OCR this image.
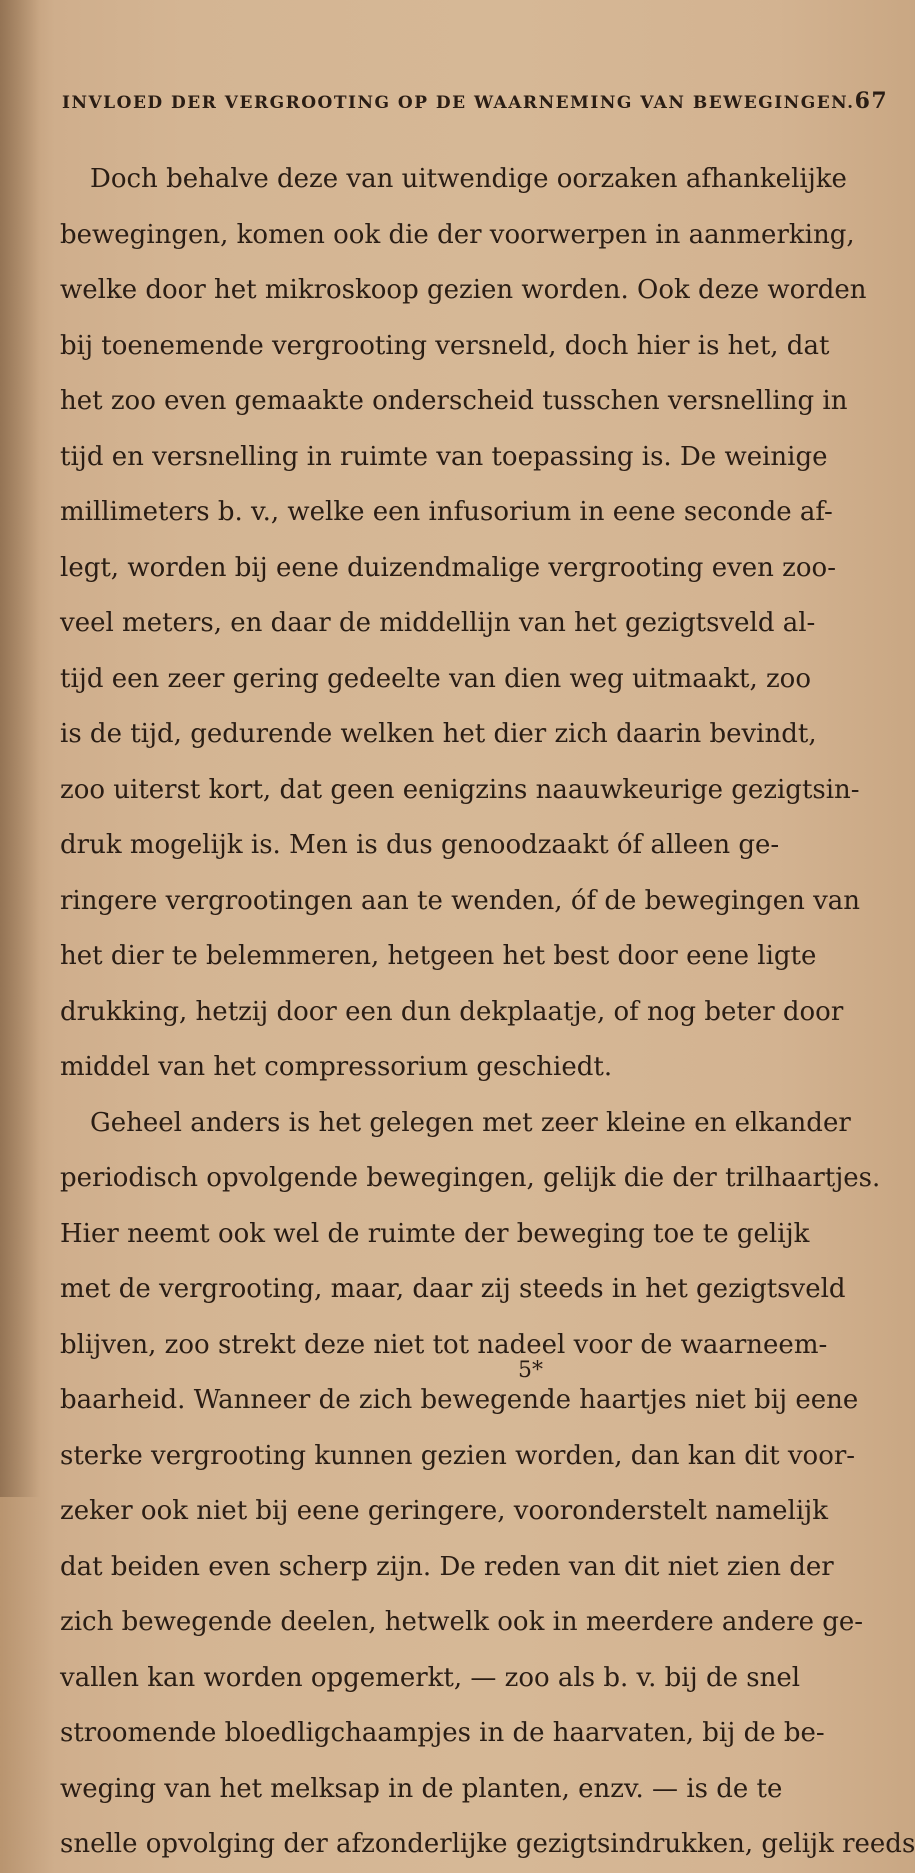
INVLOED DER VERGROOTING OP DE WAARNEMING VAN BEWEGINGEN. 67
Doch behalve deze van uitwendige oorzaken afhankelijke
bewegingen, komen ook die der voorwerpen in aanmerking,
welke door het mikroskoop gezien worden. Ook deze worden
bij toenemende vergrooting versneld, doch hier is het, dat
het zoo even gemaakte onderscheid tusschen versnelling in
tijd en versnelling in ruimte van toepassing is. De weinige
millimeters b. v., welke een infusorium in eene seconde af-
legt, worden bij eene duizendmalige vergrooting even zoo-
veel meters, en daar de middellijn van het gezigtsveld al-
tijd een zeer gering gedeelte van dien weg uitmaakt, zoo
is de tijd, gedurende welken het dier zich daarin bevindt,
zoo uiterst kort, dat geen eenigzins naauwkeurige gezigtsin-
druk mogelijk is. Men is dus genoodzaakt óf alleen ge-
ringere vergrootingen aan te wenden, óf de bewegingen van
het dier te belemmeren, hetgeen het best door eene ligte
drukking, hetzij door een dun dekplaatje, of nog beter door
middel van het compressorium geschiedt.
Geheel anders is het gelegen met zeer kleine en elkander
periodisch opvolgende bewegingen, gelijk die der trilhaartjes.
Hier neemt ook wel de ruimte der beweging toe te gelijk
met de vergrooting, maar, daar zij steeds in het gezigtsveld
blijven, zoo strekt deze niet tot nadeel voor de waarneem-
baarheid. Wanneer de zich bewegende haartjes niet bij eene
sterke vergrooting kunnen gezien worden, dan kan dit voor-
zeker ook niet bij eene geringere, vooronderstelt namelijk
dat beiden even scherp zijn. De reden van dit niet zien der
zich bewegende deelen, hetwelk ook in meerdere andere ge-
vallen kan worden opgemerkt, — zoo als b. v. bij de snel
stroomende bloedligchaampjes in de haarvaten, bij de be-
weging van het melksap in de planten, enzv. — is de te
snelle opvolging der afzonderlijke gezigtsindrukken, gelijk reeds
5*
